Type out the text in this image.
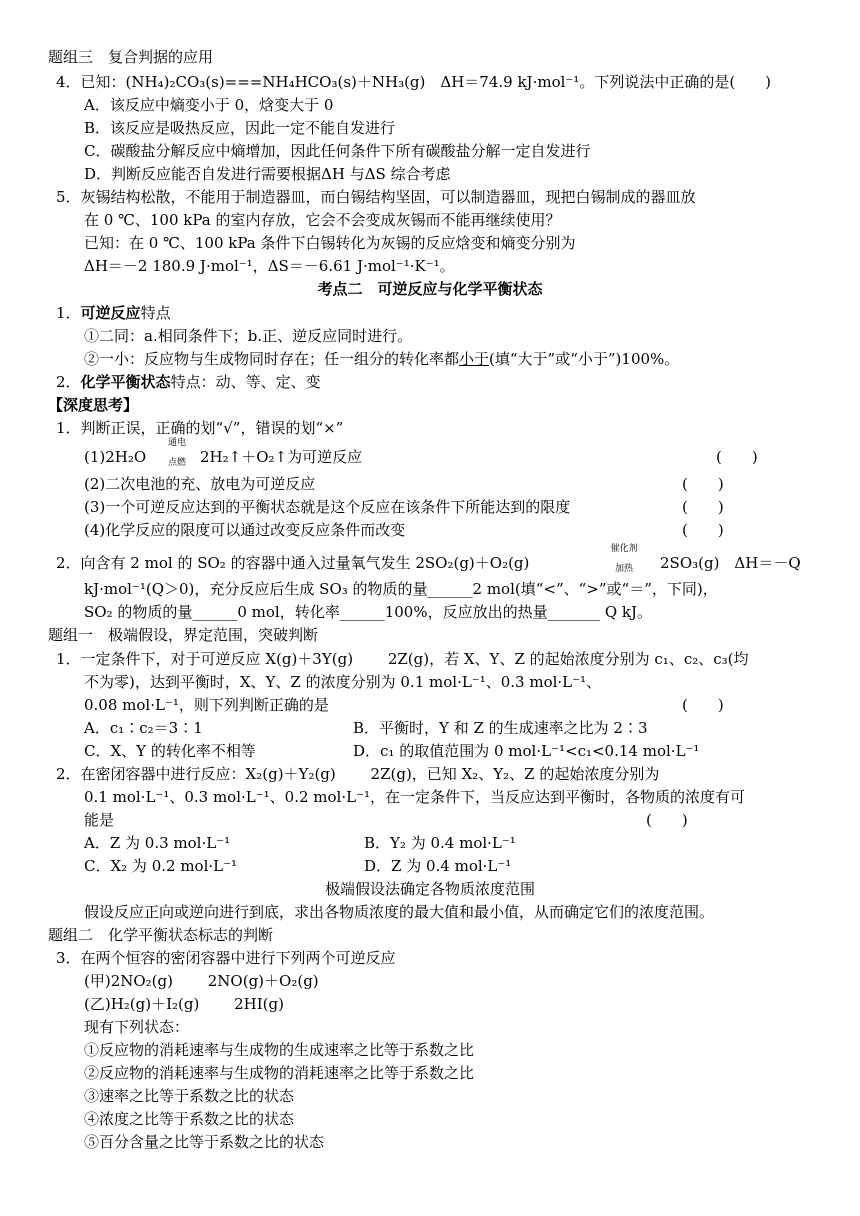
题组三　复合判据的应用
4．已知：(NH₄)₂CO₃(s)===NH₄HCO₃(s)＋NH₃(g)　ΔH＝74.9 kJ·mol⁻¹。下列说法中正确的是(　　)
A．该反应中熵变小于 0，焓变大于 0
B．该反应是吸热反应，因此一定不能自发进行
C．碳酸盐分解反应中熵增加，因此任何条件下所有碳酸盐分解一定自发进行
D．判断反应能否自发进行需要根据ΔH 与ΔS 综合考虑
5．灰锡结构松散，不能用于制造器皿，而白锡结构坚固，可以制造器皿，现把白锡制成的器皿放
在 0 ℃、100 kPa 的室内存放，它会不会变成灰锡而不能再继续使用？
已知：在 0 ℃、100 kPa 条件下白锡转化为灰锡的反应焓变和熵变分别为
ΔH＝－2 180.9 J·mol⁻¹，ΔS＝－6.61 J·mol⁻¹·K⁻¹。
考点二　可逆反应与化学平衡状态
1．可逆反应特点
①二同：a.相同条件下；b.正、逆反应同时进行。
②一小：反应物与生成物同时存在；任一组分的转化率都小于(填“大于”或“小于”)100%。
2．化学平衡状态特点：动、等、定、变
【深度思考】
1．判断正误，正确的划“√”，错误的划“×”
(1)2H₂O
通电
点燃 2H₂↑＋O₂↑为可逆反应	(　　)
(2)二次电池的充、放电为可逆反应	(　　)
(3)一个可逆反应达到的平衡状态就是这个反应在该条件下所能达到的限度	(　　)
(4)化学反应的限度可以通过改变反应条件而改变	(　　)
2．向含有 2 mol 的 SO₂ 的容器中通入过量氧气发生 2SO₂(g)＋O₂(g)
催化剂
加热	2SO₃(g)　ΔH＝－Q
kJ·mol⁻¹(Q＞0)，充分反应后生成 SO₃ 的物质的量______2 mol(填“<”、“>”或“＝”，下同)，
SO₂ 的物质的量______0 mol，转化率______100%，反应放出的热量_______ Q kJ。
题组一　极端假设，界定范围，突破判断
1．一定条件下，对于可逆反应 X(g)＋3Y(g)　　 2Z(g)，若 X、Y、Z 的起始浓度分别为 c₁、c₂、c₃(均
不为零)，达到平衡时，X、Y、Z 的浓度分别为 0.1 mol·L⁻¹、0.3 mol·L⁻¹、
0.08 mol·L⁻¹，则下列判断正确的是	(　　)
A．c₁∶c₂＝3∶1	B．平衡时，Y 和 Z 的生成速率之比为 2∶3
C．X、Y 的转化率不相等	D．c₁ 的取值范围为 0 mol·L⁻¹<c₁<0.14 mol·L⁻¹
2．在密闭容器中进行反应：X₂(g)＋Y₂(g)　　 2Z(g)，已知 X₂、Y₂、Z 的起始浓度分别为
0.1 mol·L⁻¹、0.3 mol·L⁻¹、0.2 mol·L⁻¹，在一定条件下，当反应达到平衡时，各物质的浓度有可
能是	(　　)
A．Z 为 0.3 mol·L⁻¹	B．Y₂ 为 0.4 mol·L⁻¹
C．X₂ 为 0.2 mol·L⁻¹	D．Z 为 0.4 mol·L⁻¹
极端假设法确定各物质浓度范围
假设反应正向或逆向进行到底，求出各物质浓度的最大值和最小值，从而确定它们的浓度范围。
题组二　化学平衡状态标志的判断
3．在两个恒容的密闭容器中进行下列两个可逆反应
(甲)2NO₂(g)　　 2NO(g)＋O₂(g)
(乙)H₂(g)＋I₂(g)　　 2HI(g)
现有下列状态：
①反应物的消耗速率与生成物的生成速率之比等于系数之比
②反应物的消耗速率与生成物的消耗速率之比等于系数之比
③速率之比等于系数之比的状态
④浓度之比等于系数之比的状态
⑤百分含量之比等于系数之比的状态
